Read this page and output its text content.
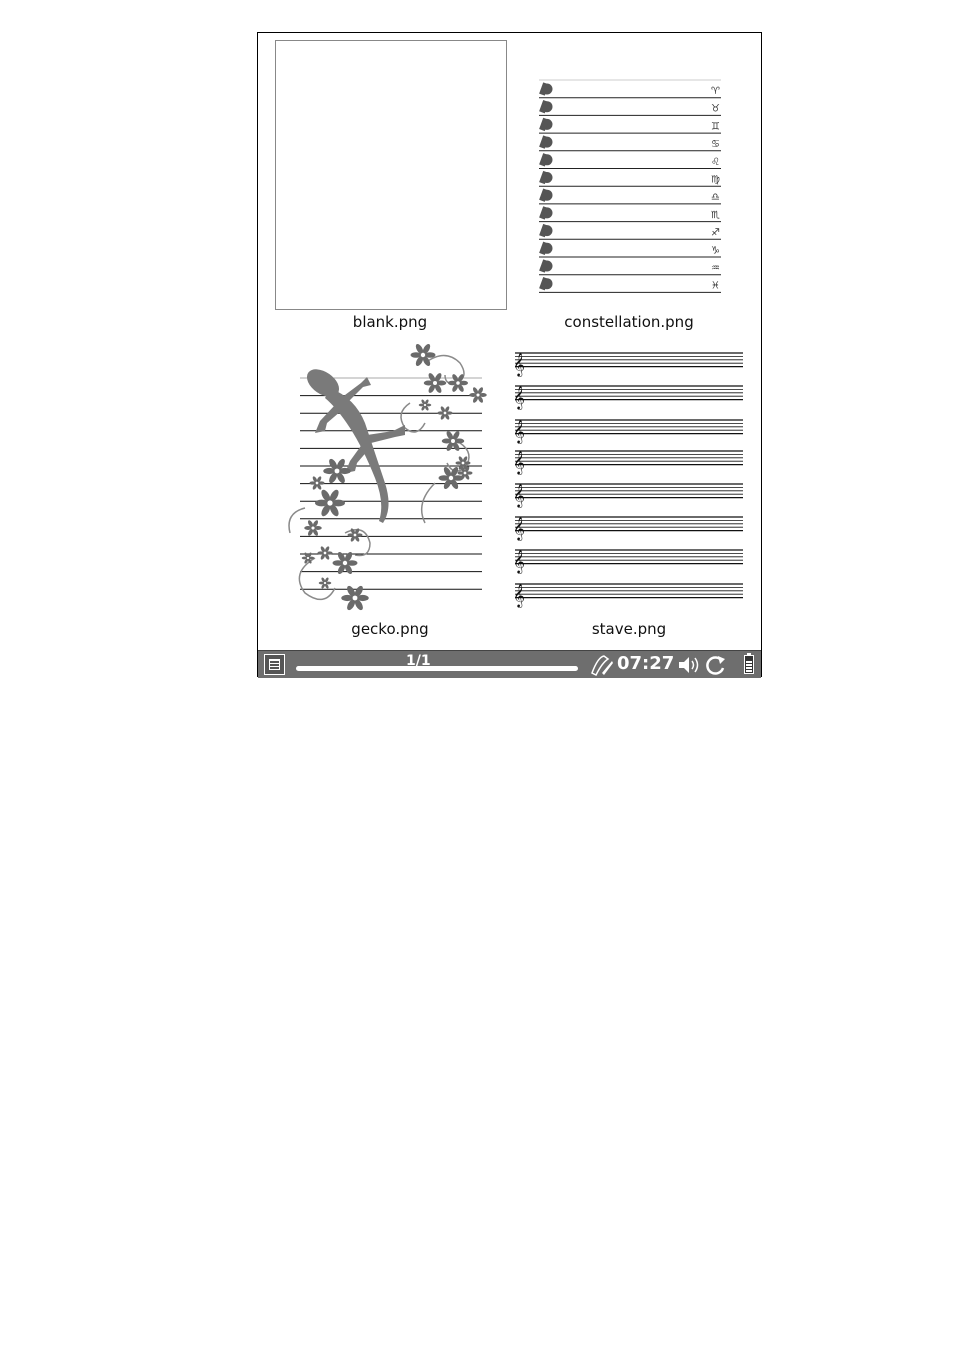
blank.png
♈
♉
♊
♋
♌
♍
♎
♏
♐
♑
♒
♓
constellation.png
gecko.png
𝄞
𝄞
𝄞
𝄞
𝄞
𝄞
𝄞
𝄞
stave.png
1/1	07:27
